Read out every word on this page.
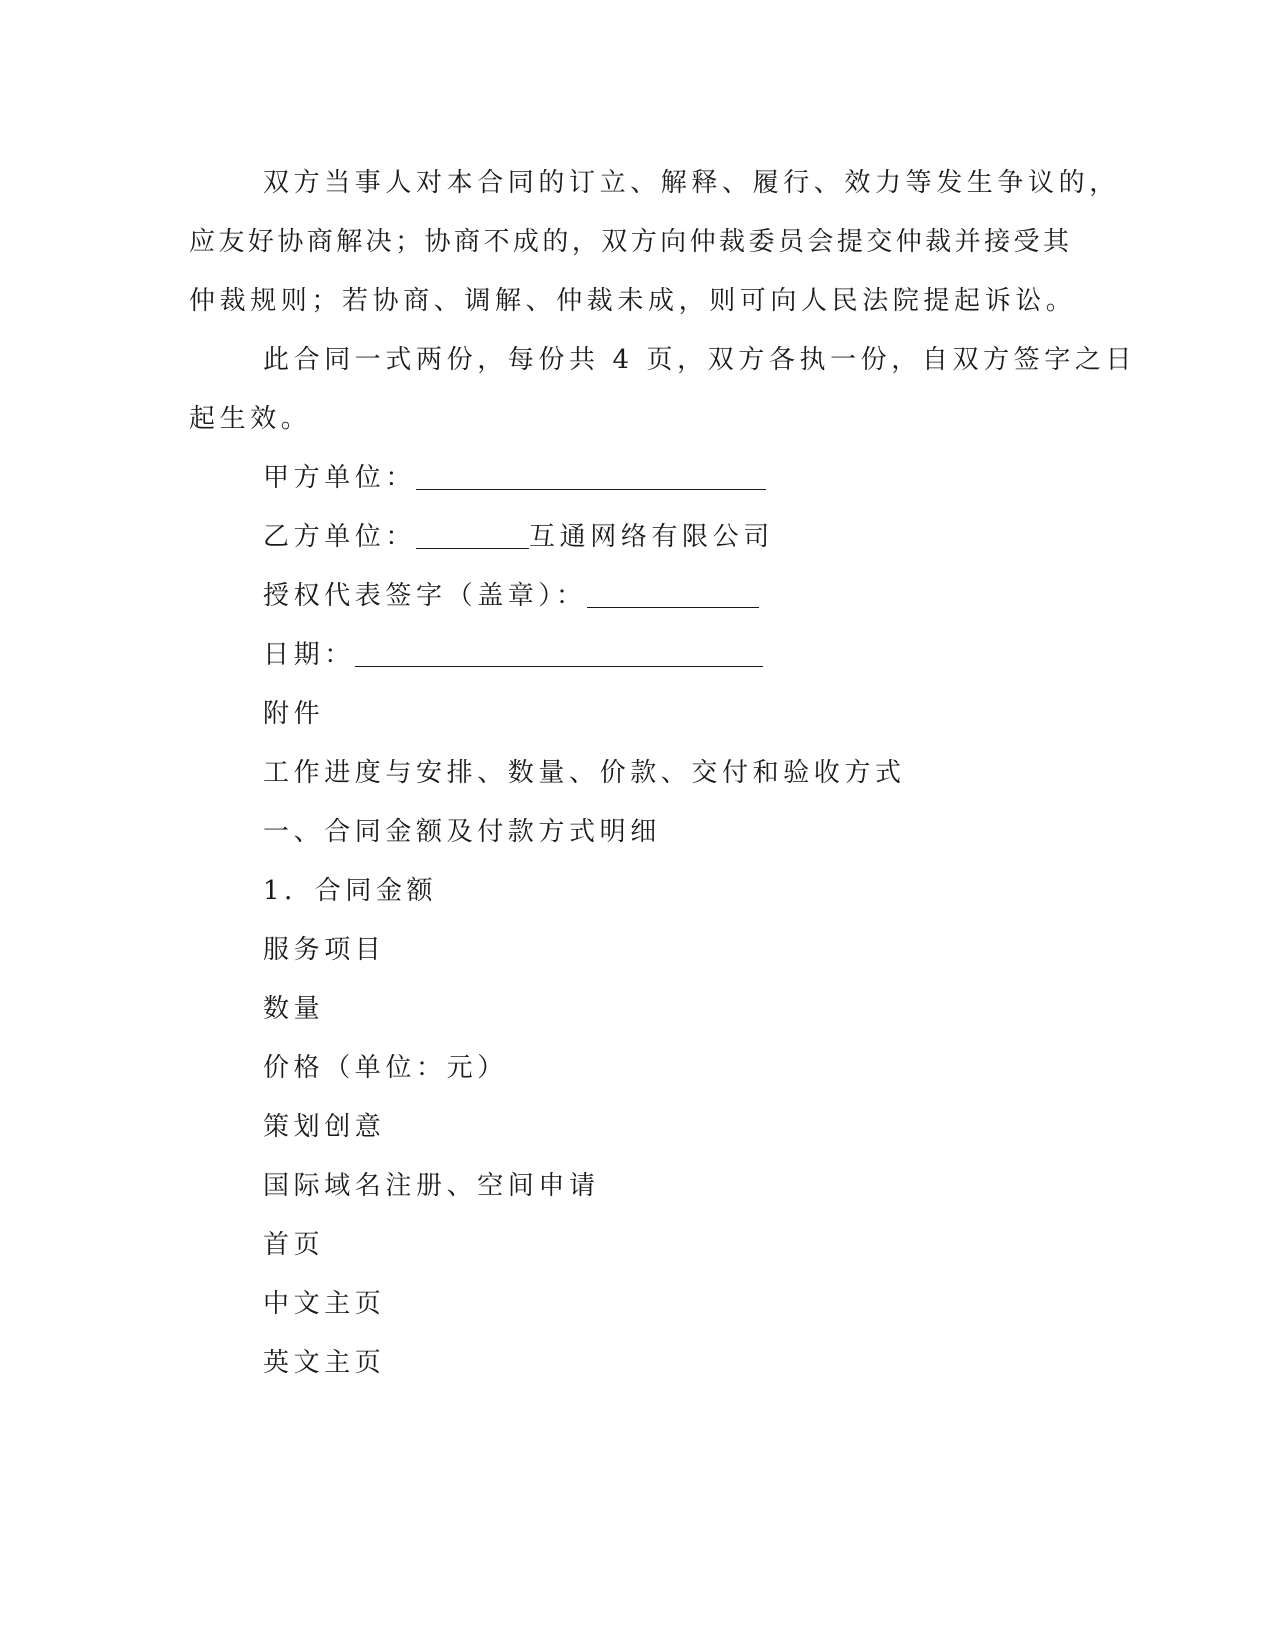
双方当事人对本合同的订立、解释、履行、效力等发生争议的，
应友好协商解决；协商不成的，双方向仲裁委员会提交仲裁并接受其
仲裁规则；若协商、调解、仲裁未成，则可向人民法院提起诉讼。
此合同一式两份，每份共 4 页，双方各执一份，自双方签字之日
起生效。
甲方单位：
乙方单位：	互通网络有限公司
授权代表签字（盖章）：
日期：
附件
工作进度与安排、数量、价款、交付和验收方式
一、合同金额及付款方式明细
1．合同金额
服务项目
数量
价格（单位：元）
策划创意
国际域名注册、空间申请
首页
中文主页
英文主页
